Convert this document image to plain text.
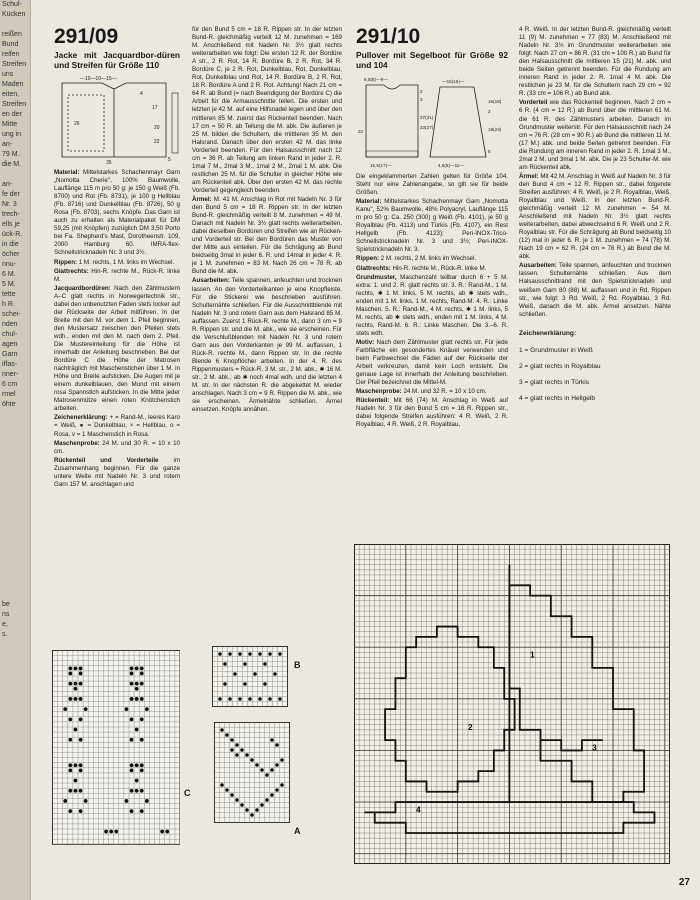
Schul-
Kücken

reißen
Bund
reifen
Streifen
uns
Maden
eiten,
Streifen
en der
Mitte
ung in
an-
79 M.
die M.

an-
fe der
Nr. 3
trech-
ells je
ück-R.
in die
öcher
nnu-
6 M.
5 M.
tette
h R.
schei-
nden
chul-
agen
Garn
iffas-
nner-
6 cm
rmel
öhte

be
ns
e,
s.
291/09
Jacke mit Jacquardbor-düren und Streifen für Größe 110
—10—10—15—
17
4
20
26
22
35	5

Material: Mittelstarkes Schachenmayr Garn „Nomotta Cherie", 100% Baumwolle, Lauflänge 115 m pro 50 g: je 150 g Weiß (Fb. 8700) und Rot (Fb. 8731), je 100 g Hellblau (Fb. 8716) und Dunkelblau (Fb. 8726), 50 g Rosa (Fb. 8703), sechs Knöpfe. Das Garn ist auch zu erhalten als Materialpaket für DM 59,25 (mit Knöpfen) zuzüglich DM 3,50 Porto bei Fa. Shepherd's Mast, Dorotheenstr. 109, 2000 Hamburg 60. IMRA-flex-Schnellstricknadeln Nr. 3 und 3½.

Rippen: 1 M. rechts, 1 M. links im Wechsel.

Glattrechts: Hin-R. rechte M., Rück-R. linke M.

Jacquardbordüren: Nach den Zählmustern A–C glatt rechts in Norwegertechnik str., dabei den unbenutzten Faden stets locker auf der Rückseite der Arbeit mitführen. In der Breite mit den M. vor dem 1. Pfeil beginnen, den Mustersatz zwischen den Pfeilen stets wdh., enden mit den M. nach dem 2. Pfeil. Die Mustereinteilung für die Höhe ist innerhalb der Anleitung beschrieben. Bei der Bordüre C die Höhe der Matrosen nachträglich mit Maschenstichen über 1 M. in Höhe und Breite aufsticken. Die Augen mit je einem dunkelblauen, den Mund mit einem rosa Spannstich aufsticken. In die Mitte jeder Matrosenmütze einen roten Knötchenstich arbeiten.

Zeichenerklärung: + = Rand-M., leeres Karo = Weiß, ● = Dunkelblau, × = Hellblau, o = Rosa, v = 1 Maschenstich in Rosa.

Maschenprobe: 24 M. und 30 R. = 10 x 10 cm.

Rückenteil und Vorderteile im Zusammenhang beginnen. Für die ganze untere Weite mit Nadeln Nr. 3 und rotem Garn 157 M. anschlagen und

für den Bund 5 cm = 18 R. Rippen str. In der letzten Bund-R. gleichmäßig verteilt 12 M. zunehmen = 169 M. Anschließend mit Nadeln Nr. 3½ glatt rechts weiterarbeiten wie folgt: Die ersten 12 R. der Bordüre A str., 2 R. Rot, 14 R. Bordüre B, 2 R. Rot, 34 R. Bordüre C, je 2 R. Rot, Dunkelblau, Rot, Dunkelblau, Rot, Dunkelblau und Rot, 14 R. Bordüre B, 2 R. Rot, 18 R. Bordüre A und 2 R. Rot. Achtung! Nach 21 cm = 64 R. ab Bund (= nach Beendigung der Bordüre C) die Arbeit für die Armausschnitte teilen. Die ersten und letzten je 42 M. auf eine Hilfsnadel legen und über den mittleren 85 M. zuerst das Rückenteil beenden. Nach 17 cm = 50 R. ab Teilung die M. abk. Die äußeren je 25 M. bilden die Schultern, die mittleren 35 M. den Halsrand. Danach über den ersten 42 M. das linke Vorderteil beenden. Für den Halsausschnitt nach 12 cm = 36 R. ab Teilung am linken Rand in jeder 2. R. 1mal 7 M., 2mal 3 M., 1mal 2 M., 2mal 1 M. abk. Die restlichen 25 M. für die Schulter in gleicher Höhe wie am Rückenteil abk. Über den ersten 42 M. das rechte Vorderteil gegengleich beenden.

Ärmel: M. 41 M. Anschlag in Rot mit Nadeln Nr. 3 für den Bund 5 cm = 18 R. Rippen str. In der letzten Bund-R. gleichmäßig verteilt 8 M. zunehmen = 49 M. Danach mit Nadeln Nr. 3½ glatt rechts weiterarbeiten, dabei dieselben Bordüren und Streifen wie an Rücken- und Vorderteil str. Bei den Bordüren das Muster von der Mitte aus einteilen. Für die Schrägung ab Bund beidseitig 3mal in jeder 6. R. und 14mal in jeder 4. R. je 1 M. zunehmen = 83 M. Nach 26 cm = 78 R. ab Bund die M. abk.

Ausarbeiten: Teile spannen, anfeuchten und trocknen lassen. An den Vorderteilkanten je eine Knopfleiste. Für die Stickerei wie beschrieben ausführen. Schulternähte schließen. Für die Ausschnittblende mit Nadeln Nr. 3 und rotem Garn aus dem Halsrand 85 M. auffassen. Zuerst 1 Rück-R. rechte M., dann 3 cm = 9 R. Rippen str. und die M. abk., wie sie erscheinen. Für die Verschlußblenden mit Nadeln Nr. 3 und rotem Garn aus den Vorderkanten je 99 M. auffassen, 1 Rück-R. rechte M., dann Rippen str. In die rechte Blende 6 Knopflöcher arbeiten. In der 4. R. des Rippenmusters = Rück-R. 3 M. str., 2 M. abk., ✱ 16 M. str., 2 M. abk.; ab ✱ noch 4mal wdh. und die letzten 4 M. str. In der nächsten R. die abgekettet M. wieder anschlagen. Nach 3 cm = 9 R. Rippen die M. abk., wie sie erscheinen. Ärmelnähte schließen. Ärmel einsetzen. Knöpfe annähen.

291/10
Pullover mit Segelboot für Größe 92 und 104
6,5(8)—9—	—15(16)—
2
3
27(31)
23(27)
22
16(18)
2
19(24)
5
15,5(17)—	4,5(6)—11—

Die eingeklammerten Zahlen gelten für Größe 104. Steht nur eine Zahlenangabe, so gilt sie für beide Größen.

Material: Mittelstarkes Schachenmayr Garn „Nomotta Kanu", 52% Baumwolle, 48% Polyacryl, Lauflänge 115 m pro 50 g: Ca. 250 (300) g Weiß (Fb. 4101), je 50 g Royalblau (Fb. 4113) und Türkis (Fb. 4107), ein Rest Hellgelb (Fb. 4123); Peri-INOX-Trico-Schnellstricknadeln Nr. 3 und 3½; Peri-INOX-Spielstricknadeln Nr. 3.

Rippen: 2 M. rechts, 2 M. links im Wechsel.

Glattrechts: Hin-R. rechte M., Rück-R. linke M.

Grundmuster, Maschenzahl teilbar durch 6 + 5 M. extra: 1. und 2. R. glatt rechts str. 3. R.: Rand-M., 1 M. rechts, ✱ 1 M. links, 5 M. rechts, ab ✱ stets wdh., enden mit 1 M. links, 1 M. rechts, Rand-M. 4. R.: Linke Maschen. 5. R.: Rand-M., 4 M. rechts, ✱ 1 M. links, 5 M. rechts, ab ✱ stets wdh., enden mit 1 M. links, 4 M. rechts, Rand-M. 6. R.: Linke Maschen. Die 3.–6. R. stets wdh.

Motiv: Nach dem Zählmuster glatt rechts str. Für jede Farbfläche ein gesondertes Knäuel verwenden und beim Farbwechsel die Fäden auf der Rückseite der Arbeit verkreuzen, damit kein Loch entsteht. Die genaue Lage ist innerhalb der Anleitung beschrieben. Der Pfeil bezeichnet die Mittel-M.

Maschenprobe: 24 M. und 32 R. = 10 x 10 cm.

Rückenteil: Mit 66 (74) M. Anschlag in Weiß auf Nadeln Nr. 3 für den Bund 5 cm = 16 R. Rippen str., dabei folgende Streifen ausführen: 4 R. Weiß, 2 R. Royalblau, 4 R. Weiß, 2 R. Royalblau,

4 R. Weiß. In der letzten Bund-R. gleichmäßig verteilt 11 (9) M. zunehmen = 77 (83) M. Anschließend mit Nadeln Nr. 3½ im Grundmuster weiterarbeiten wie folgt: Nach 27 cm = 86 R. (31 cm = 100 R.) ab Bund für den Halsausschnitt die mittleren 15 (21) M. abk. und beide Seiten getrennt beenden. Für die Rundung am inneren Rand in jeder 2. R. 1mal 4 M. abk. Die restlichen je 23 M. für die Schultern nach 29 cm = 92 R. (33 cm = 106 R.) ab Bund abk.

Vorderteil wie das Rückenteil beginnen. Nach 2 cm = 6 R. (4 cm = 12 R.) ab Bund über die mittleren 61 M. die 61 R. des Zählmusters arbeiten. Danach im Grundmuster weiterstr. Für den Halsausschnitt nach 24 cm = 76 R. (28 cm = 90 R.) ab Bund die mittleren 11 M. (17 M.) abk. und beide Seiten getrennt beenden. Für die Rundung am inneren Rand in jeder 2. R. 1mal 3 M., 2mal 2 M. und 3mal 1 M. abk. Die je 23 Schulter-M. wie am Rückenteil abk.

Ärmel: Mit 42 M. Anschlag in Weiß auf Nadeln Nr. 3 für den Bund 4 cm = 12 R. Rippen str., dabei folgende Streifen ausführen: 4 R. Weiß, je 2 R. Royalblau, Weiß, Royalblau und Weiß. In der letzten Bund-R. gleichmäßig verteilt 12 M. zunehmen = 54 M. Anschließend mit Nadeln Nr. 3½ glatt rechts weiterarbeiten, dabei abwechselnd 6 R. Weiß und 2 R. Royalblau str. Für die Schrägung ab Bund beidseitig 10 (12) mal in jeder 6. R. je 1 M. zunehmen = 74 (78) M. Nach 19 cm = 62 R. (24 cm = 78 R.) ab Bund die M. abk.

Ausarbeiten: Teile spannen, anfeuchten und trocknen lassen. Schulternähte schließen. Aus dem Halsausschnittrand mit den Spielstricknadeln und weißem Garn 80 (88) M. auffassen und in Rd. Rippen str., wie folgt: 3 Rd. Weiß, 2 Rd. Royalblau, 3 Rd. Weiß, danach die M. abk. Ärmel ansetzen. Nähte schließen.

Zeichenerklärung:
1 = Grundmuster in Weiß
2 = glatt rechts in Royalblau
3 = glatt rechts in Türkis
4 = glatt rechts in Hellgelb
C
B
A
1
2
3
4
27
